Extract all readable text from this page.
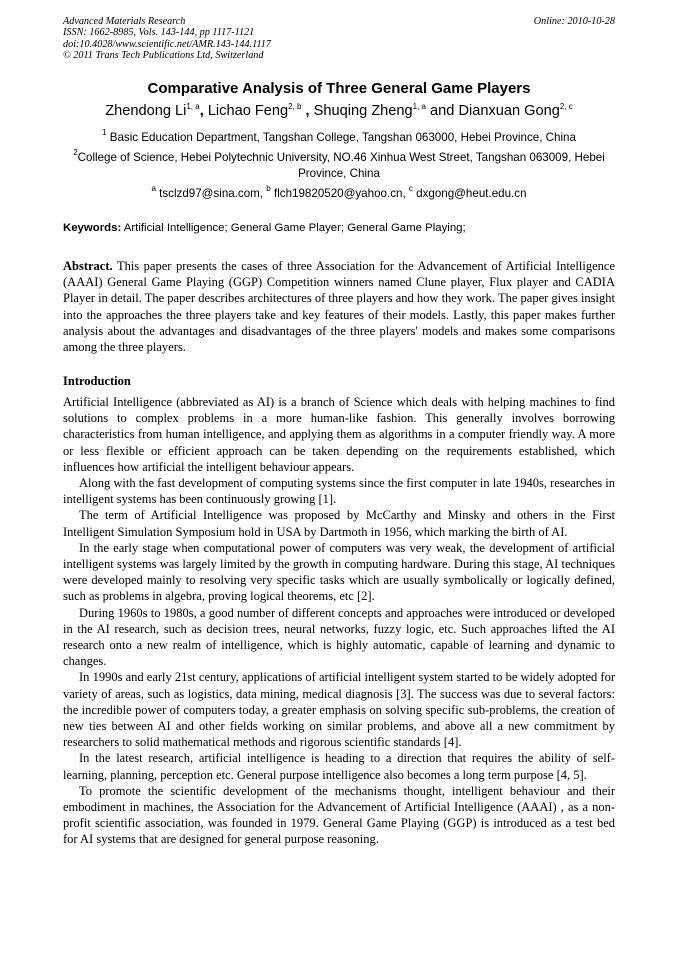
Advanced Materials Research
ISSN: 1662-8985, Vols. 143-144, pp 1117-1121
doi:10.4028/www.scientific.net/AMR.143-144.1117
© 2011 Trans Tech Publications Ltd, Switzerland
Online: 2010-10-28
Comparative Analysis of Three General Game Players
Zhendong Li$^{1, a}$, Lichao Feng$^{2, b}$ , Shuqing Zheng$^{1, a}$ and Dianxuan Gong$^{2, c}$
$^1$ Basic Education Department, Tangshan College, Tangshan 063000, Hebei Province, China
$^2$College of Science, Hebei Polytechnic University, NO.46 Xinhua West Street, Tangshan 063009, Hebei Province, China
$^a$ tsclzd97@sina.com, $^b$ flch19820520@yahoo.cn, $^c$ dxgong@heut.edu.cn
Keywords: Artificial Intelligence; General Game Player; General Game Playing;
Abstract. This paper presents the cases of three Association for the Advancement of Artificial Intelligence (AAAI) General Game Playing (GGP) Competition winners named Clune player, Flux player and CADIA Player in detail. The paper describes architectures of three players and how they work. The paper gives insight into the approaches the three players take and key features of their models. Lastly, this paper makes further analysis about the advantages and disadvantages of the three players' models and makes some comparisons among the three players.
Introduction

Artificial Intelligence (abbreviated as AI) is a branch of Science which deals with helping machines to find solutions to complex problems in a more human-like fashion. This generally involves borrowing characteristics from human intelligence, and applying them as algorithms in a computer friendly way. A more or less flexible or efficient approach can be taken depending on the requirements established, which influences how artificial the intelligent behaviour appears.

Along with the fast development of computing systems since the first computer in late 1940s, researches in intelligent systems has been continuously growing [1].

The term of Artificial Intelligence was proposed by McCarthy and Minsky and others in the First Intelligent Simulation Symposium hold in USA by Dartmoth in 1956, which marking the birth of AI.

In the early stage when computational power of computers was very weak, the development of artificial intelligent systems was largely limited by the growth in computing hardware. During this stage, AI techniques were developed mainly to resolving very specific tasks which are usually symbolically or logically defined, such as problems in algebra, proving logical theorems, etc [2].

During 1960s to 1980s, a good number of different concepts and approaches were introduced or developed in the AI research, such as decision trees, neural networks, fuzzy logic, etc. Such approaches lifted the AI research onto a new realm of intelligence, which is highly automatic, capable of learning and dynamic to changes.

In 1990s and early 21st century, applications of artificial intelligent system started to be widely adopted for variety of areas, such as logistics, data mining, medical diagnosis [3]. The success was due to several factors: the incredible power of computers today, a greater emphasis on solving specific sub-problems, the creation of new ties between AI and other fields working on similar problems, and above all a new commitment by researchers to solid mathematical methods and rigorous scientific standards [4].

In the latest research, artificial intelligence is heading to a direction that requires the ability of self-learning, planning, perception etc. General purpose intelligence also becomes a long term purpose [4, 5].

To promote the scientific development of the mechanisms thought, intelligent behaviour and their embodiment in machines, the Association for the Advancement of Artificial Intelligence (AAAI) , as a non-profit scientific association, was founded in 1979. General Game Playing (GGP) is introduced as a test bed for AI systems that are designed for general purpose reasoning.
